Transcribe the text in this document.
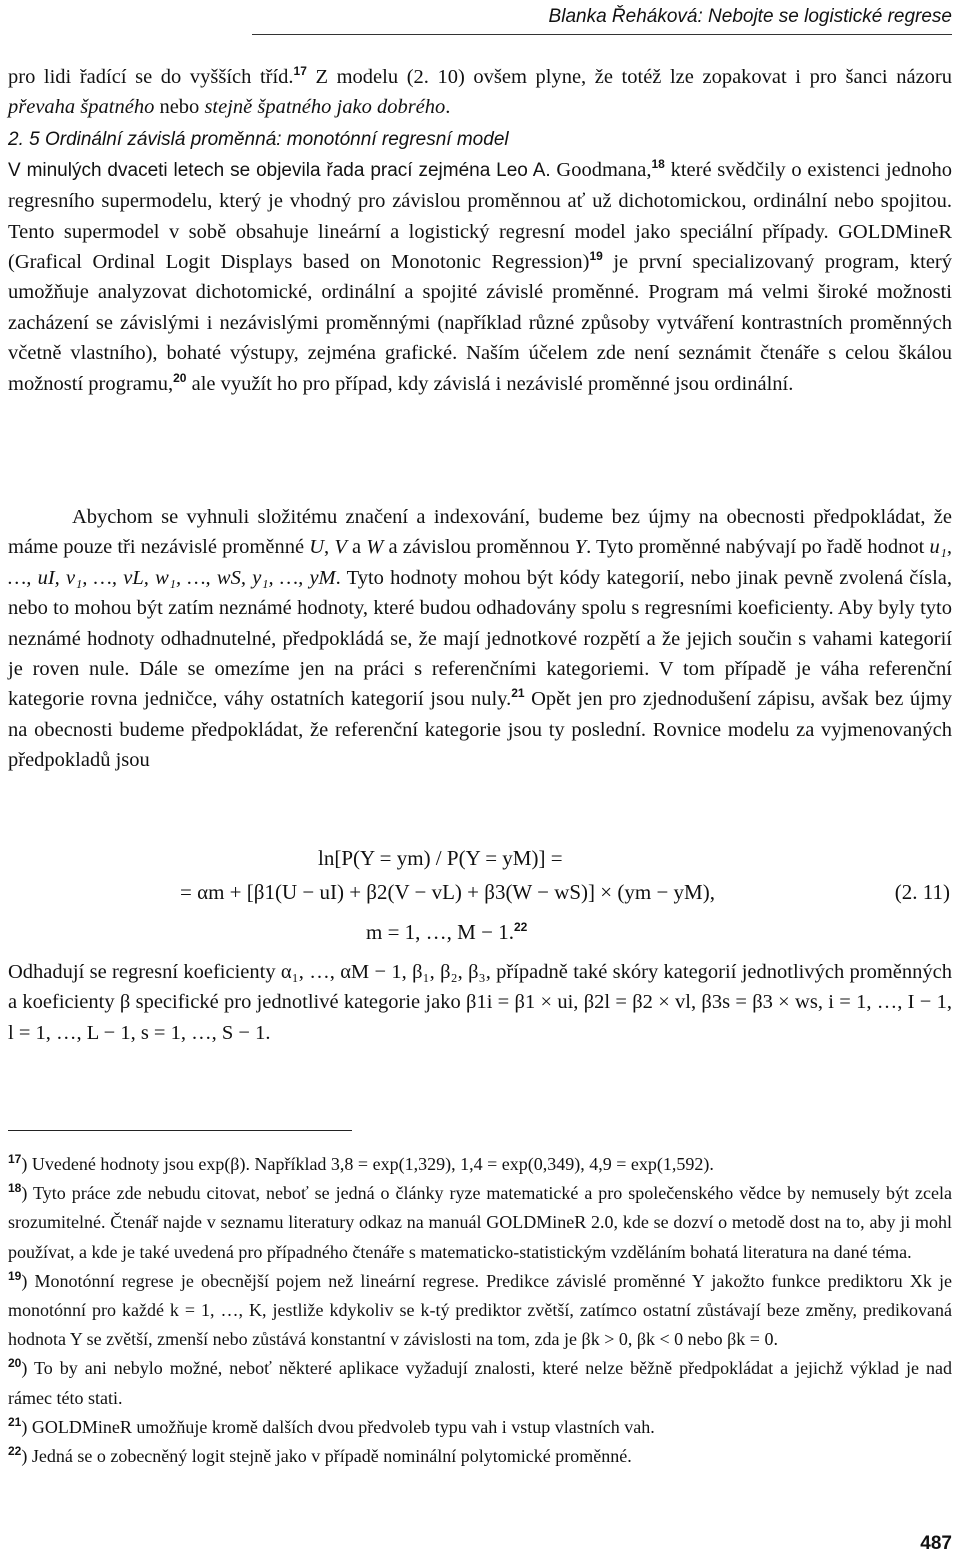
Blanka Řeháková: Nebojte se logistické regrese

pro lidi řadící se do vyšších tříd.$^{17}$ Z modelu (2. 10) ovšem plyne, že totéž lze zopakovat i pro šanci názoru převaha špatného nebo stejně špatného jako dobrého.

2. 5 Ordinální závislá proměnná: monotónní regresní model

V minulých dvaceti letech se objevila řada prací zejména Leo A. Goodmana,$^{18}$ které svědčily o existenci jednoho regresního supermodelu, který je vhodný pro závislou proměnnou ať už dichotomickou, ordinální nebo spojitou. Tento supermodel v sobě obsahuje lineární a logistický regresní model jako speciální případy. GOLDMineR (Grafical Ordinal Logit Displays based on Monotonic Regression)$^{19}$ je první specializovaný program, který umožňuje analyzovat dichotomické, ordinální a spojité závislé proměnné. Program má velmi široké možnosti zacházení se závislými i nezávislými proměnnými (například různé způsoby vytváření kontrastních proměnných včetně vlastního), bohaté výstupy, zejména grafické. Naším účelem zde není seznámit čtenáře s celou škálou možností programu,$^{20}$ ale využít ho pro případ, kdy závislá i nezávislé proměnné jsou ordinální.

Abychom se vyhnuli složitému značení a indexování, budeme bez újmy na obecnosti předpokládat, že máme pouze tři nezávislé proměnné U, V a W a závislou proměnnou Y. Tyto proměnné nabývají po řadě hodnot u₁, …, uI, v₁, …, vL, w₁, …, wS, y₁, …, yM. Tyto hodnoty mohou být kódy kategorií, nebo jinak pevně zvolená čísla, nebo to mohou být zatím neznámé hodnoty, které budou odhadovány spolu s regresními koeficienty. Aby byly tyto neznámé hodnoty odhadnutelné, předpokládá se, že mají jednotkové rozpětí a že jejich součin s vahami kategorií je roven nule. Dále se omezíme jen na práci s referenčními kategoriemi. V tom případě je váha referenční kategorie rovna jedničce, váhy ostatních kategorií jsou nuly.$^{21}$ Opět jen pro zjednodušení zápisu, avšak bez újmy na obecnosti budeme předpokládat, že referenční kategorie jsou ty poslední. Rovnice modelu za vyjmenovaných předpokladů jsou

ln[P(Y = ym) / P(Y = yM)] =
= αm + [β1(U − uI) + β2(V − vL) + β3(W − wS)] × (ym − yM),
m = 1, …, M − 1.22
(2. 11)

Odhadují se regresní koeficienty α₁, …, αM − 1, β₁, β₂, β₃, případně také skóry kategorií jednotlivých proměnných a koeficienty β specifické pro jednotlivé kategorie jako β1i = β1 × ui, β2l = β2 × vl, β3s = β3 × ws, i = 1, …, I − 1, l = 1, …, L − 1, s = 1, …, S − 1.

$^{17}$) Uvedené hodnoty jsou exp(β). Například 3,8 = exp(1,329), 1,4 = exp(0,349), 4,9 = exp(1,592).

$^{18}$) Tyto práce zde nebudu citovat, neboť se jedná o články ryze matematické a pro společenského vědce by nemusely být zcela srozumitelné. Čtenář najde v seznamu literatury odkaz na manuál GOLDMineR 2.0, kde se dozví o metodě dost na to, aby ji mohl používat, a kde je také uvedená pro případného čtenáře s matematicko-statistickým vzděláním bohatá literatura na dané téma.

$^{19}$) Monotónní regrese je obecnější pojem než lineární regrese. Predikce závislé proměnné Y jakožto funkce prediktoru Xk je monotónní pro každé k = 1, …, K, jestliže kdykoliv se k-tý prediktor zvětší, zatímco ostatní zůstávají beze změny, predikovaná hodnota Y se zvětší, zmenší nebo zůstává konstantní v závislosti na tom, zda je βk > 0, βk < 0 nebo βk = 0.

$^{20}$) To by ani nebylo možné, neboť některé aplikace vyžadují znalosti, které nelze běžně předpokládat a jejichž výklad je nad rámec této stati.

$^{21}$) GOLDMineR umožňuje kromě dalších dvou předvoleb typu vah i vstup vlastních vah.

$^{22}$) Jedná se o zobecněný logit stejně jako v případě nominální polytomické proměnné.

487
